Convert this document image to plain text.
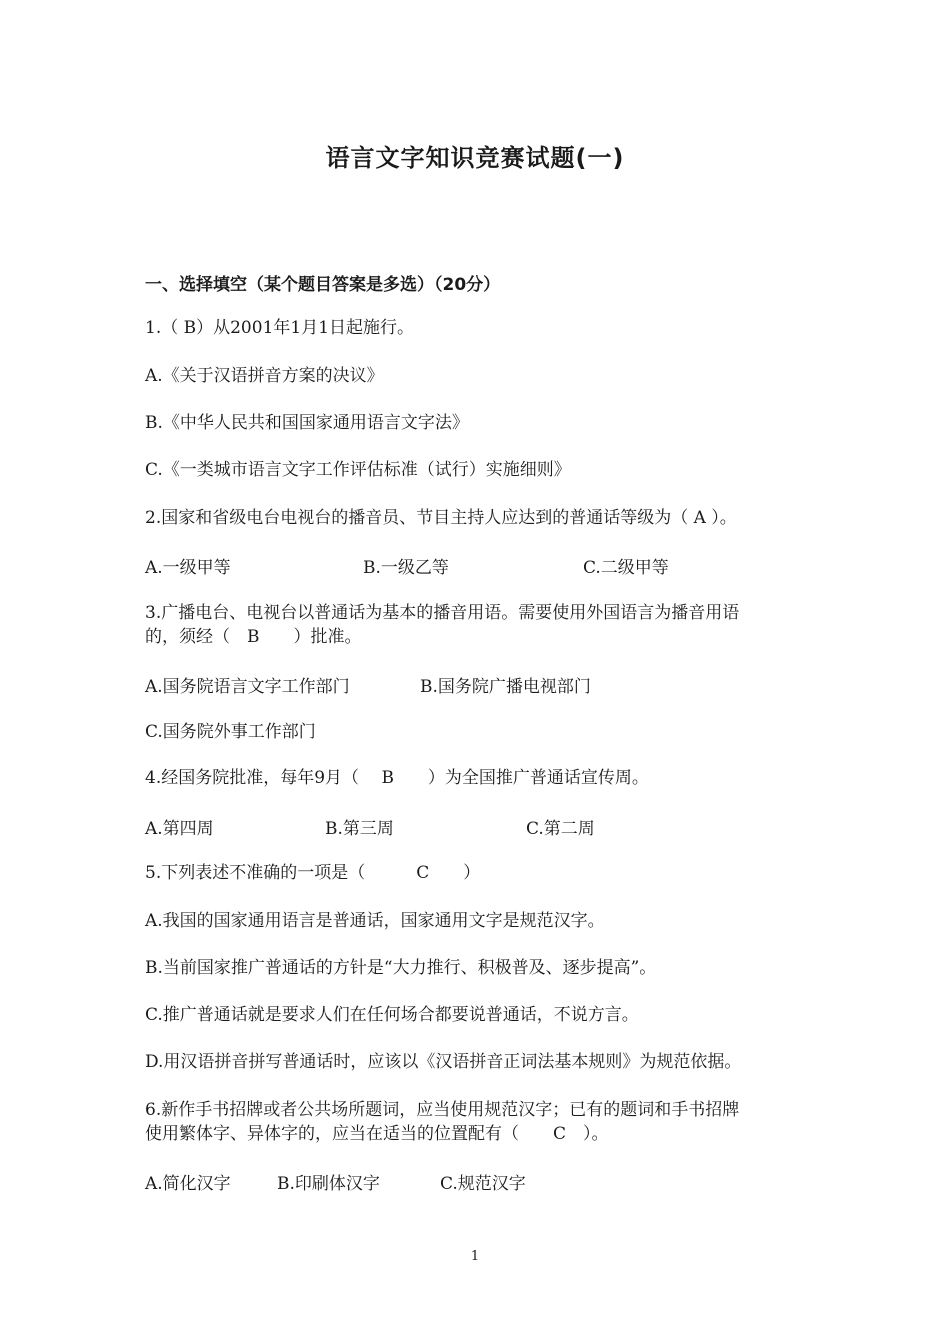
语言文字知识竞赛试题(一)
一、选择填空（某个题目答案是多选）（20分）
1.（ B）从2001年1月1日起施行。
A.《关于汉语拼音方案的决议》
B.《中华人民共和国国家通用语言文字法》
C.《一类城市语言文字工作评估标准（试行）实施细则》
2.国家和省级电台电视台的播音员、节目主持人应达到的普通话等级为（ A ）。
A.一级甲等	B.一级乙等	C.二级甲等
3.广播电台、电视台以普通话为基本的播音用语。需要使用外国语言为播音用语
的，须经（　B　　）批准。
A.国务院语言文字工作部门	B.国务院广播电视部门
C.国务院外事工作部门
4.经国务院批准，每年9月（　 B　　）为全国推广普通话宣传周。
A.第四周	B.第三周	C.第二周
5.下列表述不准确的一项是（　　　C　　）
A.我国的国家通用语言是普通话，国家通用文字是规范汉字。
B.当前国家推广普通话的方针是“大力推行、积极普及、逐步提高”。
C.推广普通话就是要求人们在任何场合都要说普通话，不说方言。
D.用汉语拼音拼写普通话时，应该以《汉语拼音正词法基本规则》为规范依据。
6.新作手书招牌或者公共场所题词，应当使用规范汉字；已有的题词和手书招牌
使用繁体字、异体字的，应当在适当的位置配有（　　C　）。
A.简化汉字	B.印刷体汉字	C.规范汉字
1
